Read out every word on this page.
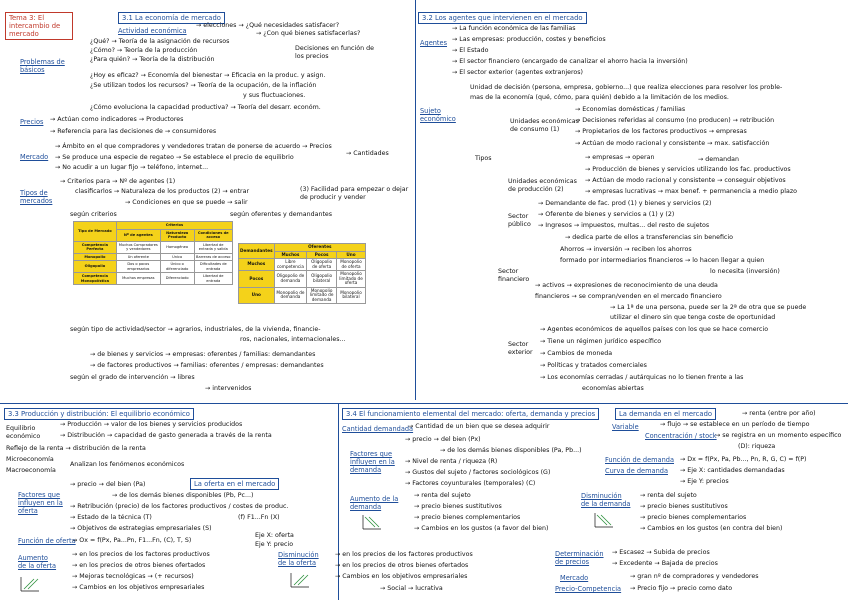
Tema 3: El intercambio de mercado
3.1 La economía de mercado
Actividad económica
→ elecciones → ¿Qué necesidades satisfacer?
→ ¿Con qué bienes satisfacerlas?
Problemas de básicos
¿Qué? → Teoría de la asignación de recursos
¿Cómo? → Teoría de la producción
¿Para quién? → Teoría de la distribución
Decisiones en función de los precios
¿Hoy es eficaz? → Economía del bienestar → Eficacia en la produc. y asign.
¿Se utilizan todos los recursos? → Teoría de la ocupación, de la inflación
y sus fluctuaciones.
¿Cómo evoluciona la capacidad productiva? → Teoría del desarr. económ.
Precios → Actúan como indicadores → Productores
→ Referencia para las decisiones de → consumidores
Mercado
→ Ámbito en el que compradores y vendedores tratan de ponerse de acuerdo → Precios
→ Cantidades
→ Se produce una especie de regateo → Se establece el precio de equilibrio
→ No acudir a un lugar fijo → teléfono, internet...
Tipos de mercados
→ Criterios para → Nº de agentes (1)
clasificarlos → Naturaleza de los productos (2) → entrar	(3) Facilidad para empezar o dejar de producir y vender
→ Condiciones en que se puede → salir
según criterios	según oferentes y demandantes
Tipo de Mercado	Criterios		
	Nº de agentes	Naturaleza Producto	Condiciones de acceso
Competencia Perfecta	Muchos Compradores y vendedores	Homogéneo	Libertad de entrada y salida
Monopolio	Un oferente	Único	Barreras de acceso
Oligopolio	Dos o pocos empresarios	Único o diferenciado	Dificultades de entrada
Competencia Monopolística	Muchos empresas	Diferenciado	Libertad de entrada
Demandantes	Oferentes		
	Muchos	Pocos	Uno
Muchos	Libre competencia	Oligopolio de oferta	Monopolio de oferta
Pocos	Oligopolio de demanda	Oligopolio bilateral	Monopolio limitado de oferta
Uno	Monopolio de demanda	Monopolio limitado de demanda	Monopolio bilateral
según tipo de actividad/sector → agrarios, industriales, de la vivienda, financie-
ros, nacionales, internacionales...
→ de bienes y servicios → empresas: oferentes / familias: demandantes
→ de factores productivos → familias: oferentes / empresas: demandantes
según el grado de intervención → libres
→ intervenidos
3.2 Los agentes que intervienen en el mercado
Agentes
→ La función económica de las familias
→ Las empresas: producción, costes y beneficios
→ El Estado
→ El sector financiero (encargado de canalizar el ahorro hacia la inversión)
→ El sector exterior (agentes extranjeros)
Sujeto económico
Unidad de decisión (persona, empresa, gobierno...) que realiza elecciones para resolver los proble-
mas de la economía (qué, cómo, para quién) debido a la limitación de los medios.
Tipos
Unidades económicas de consumo (1)
→ Economías domésticas / familias
→ Decisiones referidas al consumo (no producen) → retribución
→ Propietarios de los factores productivos → empresas
→ Actúan de modo racional y consistente → max. satisfacción
Unidades económicas de producción (2)
→ empresas → operan	→ demandan
→ Producción de bienes y servicios utilizando los fac. productivos
→ Actúan de modo racional y consistente → conseguir objetivos
→ empresas lucrativas → max benef. + permanencia a medio plazo
Sector público
→ Demandante de fac. prod (1) y bienes y servicios (2)
→ Oferente de bienes y servicios a (1) y (2)
→ Ingresos → impuestos, multas... del resto de sujetos
→ dedica parte de ellos a transferencias sin beneficio
Sector financiero
Ahorros → inversión → reciben los ahorros
formado por intermediarios financieros → lo hacen llegar a quien
lo necesita (inversión)
→ activos → expresiones de reconocimiento de una deuda
financieros → se compran/venden en el mercado financiero
→ La 1ª de una persona, puede ser la 2ª de otra que se puede
utilizar el dinero sin que tenga coste de oportunidad
Sector exterior
→ Agentes económicos de aquellos países con los que se hace comercio
→ Tiene un régimen jurídico específico
→ Cambios de moneda
→ Políticas y tratados comerciales
→ Los economías cerradas / autárquicas no lo tienen frente a las
economías abiertas
3.3 Producción y distribución: El equilibrio económico
Equilibrio económico
→ Producción → valor de los bienes y servicios producidos
→ Distribución → capacidad de gasto generada a través de la renta
Reflejo de la renta → distribución de la renta
Microeconomía
Macroeconomía
Analizan los fenómenos económicos
La oferta en el mercado
Factores que influyen en la oferta
→ precio → del bien (Pa)
→ de los demás bienes disponibles (Pb, Pc...)
→ Retribución (precio) de los factores productivos / costes de produc.
→ Estado de la técnica (T)
→ Objetivos de estrategias empresariales (S)
(f) F1...Fn (X)
Función de oferta
→ Ox = f(Px, Pa...Pn, F1...Fn, (C), T, S)
Eje X: oferta
Eje Y: precio
Aumento de la oferta
→ en los precios de los factores productivos
→ en los precios de otros bienes ofertados
→ Mejoras tecnológicas → (+ recursos)
→ Cambios en los objetivos empresariales
Disminución de la oferta
3.4 El funcionamiento elemental del mercado: oferta, demanda y precios	La demanda en el mercado
Cantidad demandada
→ Cantidad de un bien que se desea adquirir
Factores que influyen en la demanda
→ precio → del bien (Px)
→ de los demás bienes disponibles (Pa, Pb...)
→ Nivel de renta / riqueza (R)
→ Gustos del sujeto / factores sociológicos (G)
→ Factores coyunturales (temporales) (C)
Aumento de la demanda
→ renta del sujeto
→ precio bienes sustitutivos
→ precio bienes complementarios
→ Cambios en los gustos (a favor del bien)
→ en los precios de los factores productivos
→ en los precios de otros bienes ofertados
→ Cambios en los objetivos empresariales
→ Social → lucrativa
→ renta (entre por año)
Variable	→ flujo → se establece en un período de tiempo
Concentración / stock
→ se registra en un momento específico
(D): riqueza
Función de demanda → Dx = f(Px, Pa, Pb..., Pn, R, G, C) = f(P)
Curva de demanda → Eje X: cantidades demandadas
→ Eje Y: precios
Disminución de la demanda
→ renta del sujeto
→ precio bienes sustitutivos
→ precio bienes complementarios
→ Cambios en los gustos (en contra del bien)
Determinación de precios
→ Escasez → Subida de precios
→ Excedente → Bajada de precios
Mercado
Precio-Competencia
→ gran nº de compradores y vendedores
→ Precio fijo → precio como dato
